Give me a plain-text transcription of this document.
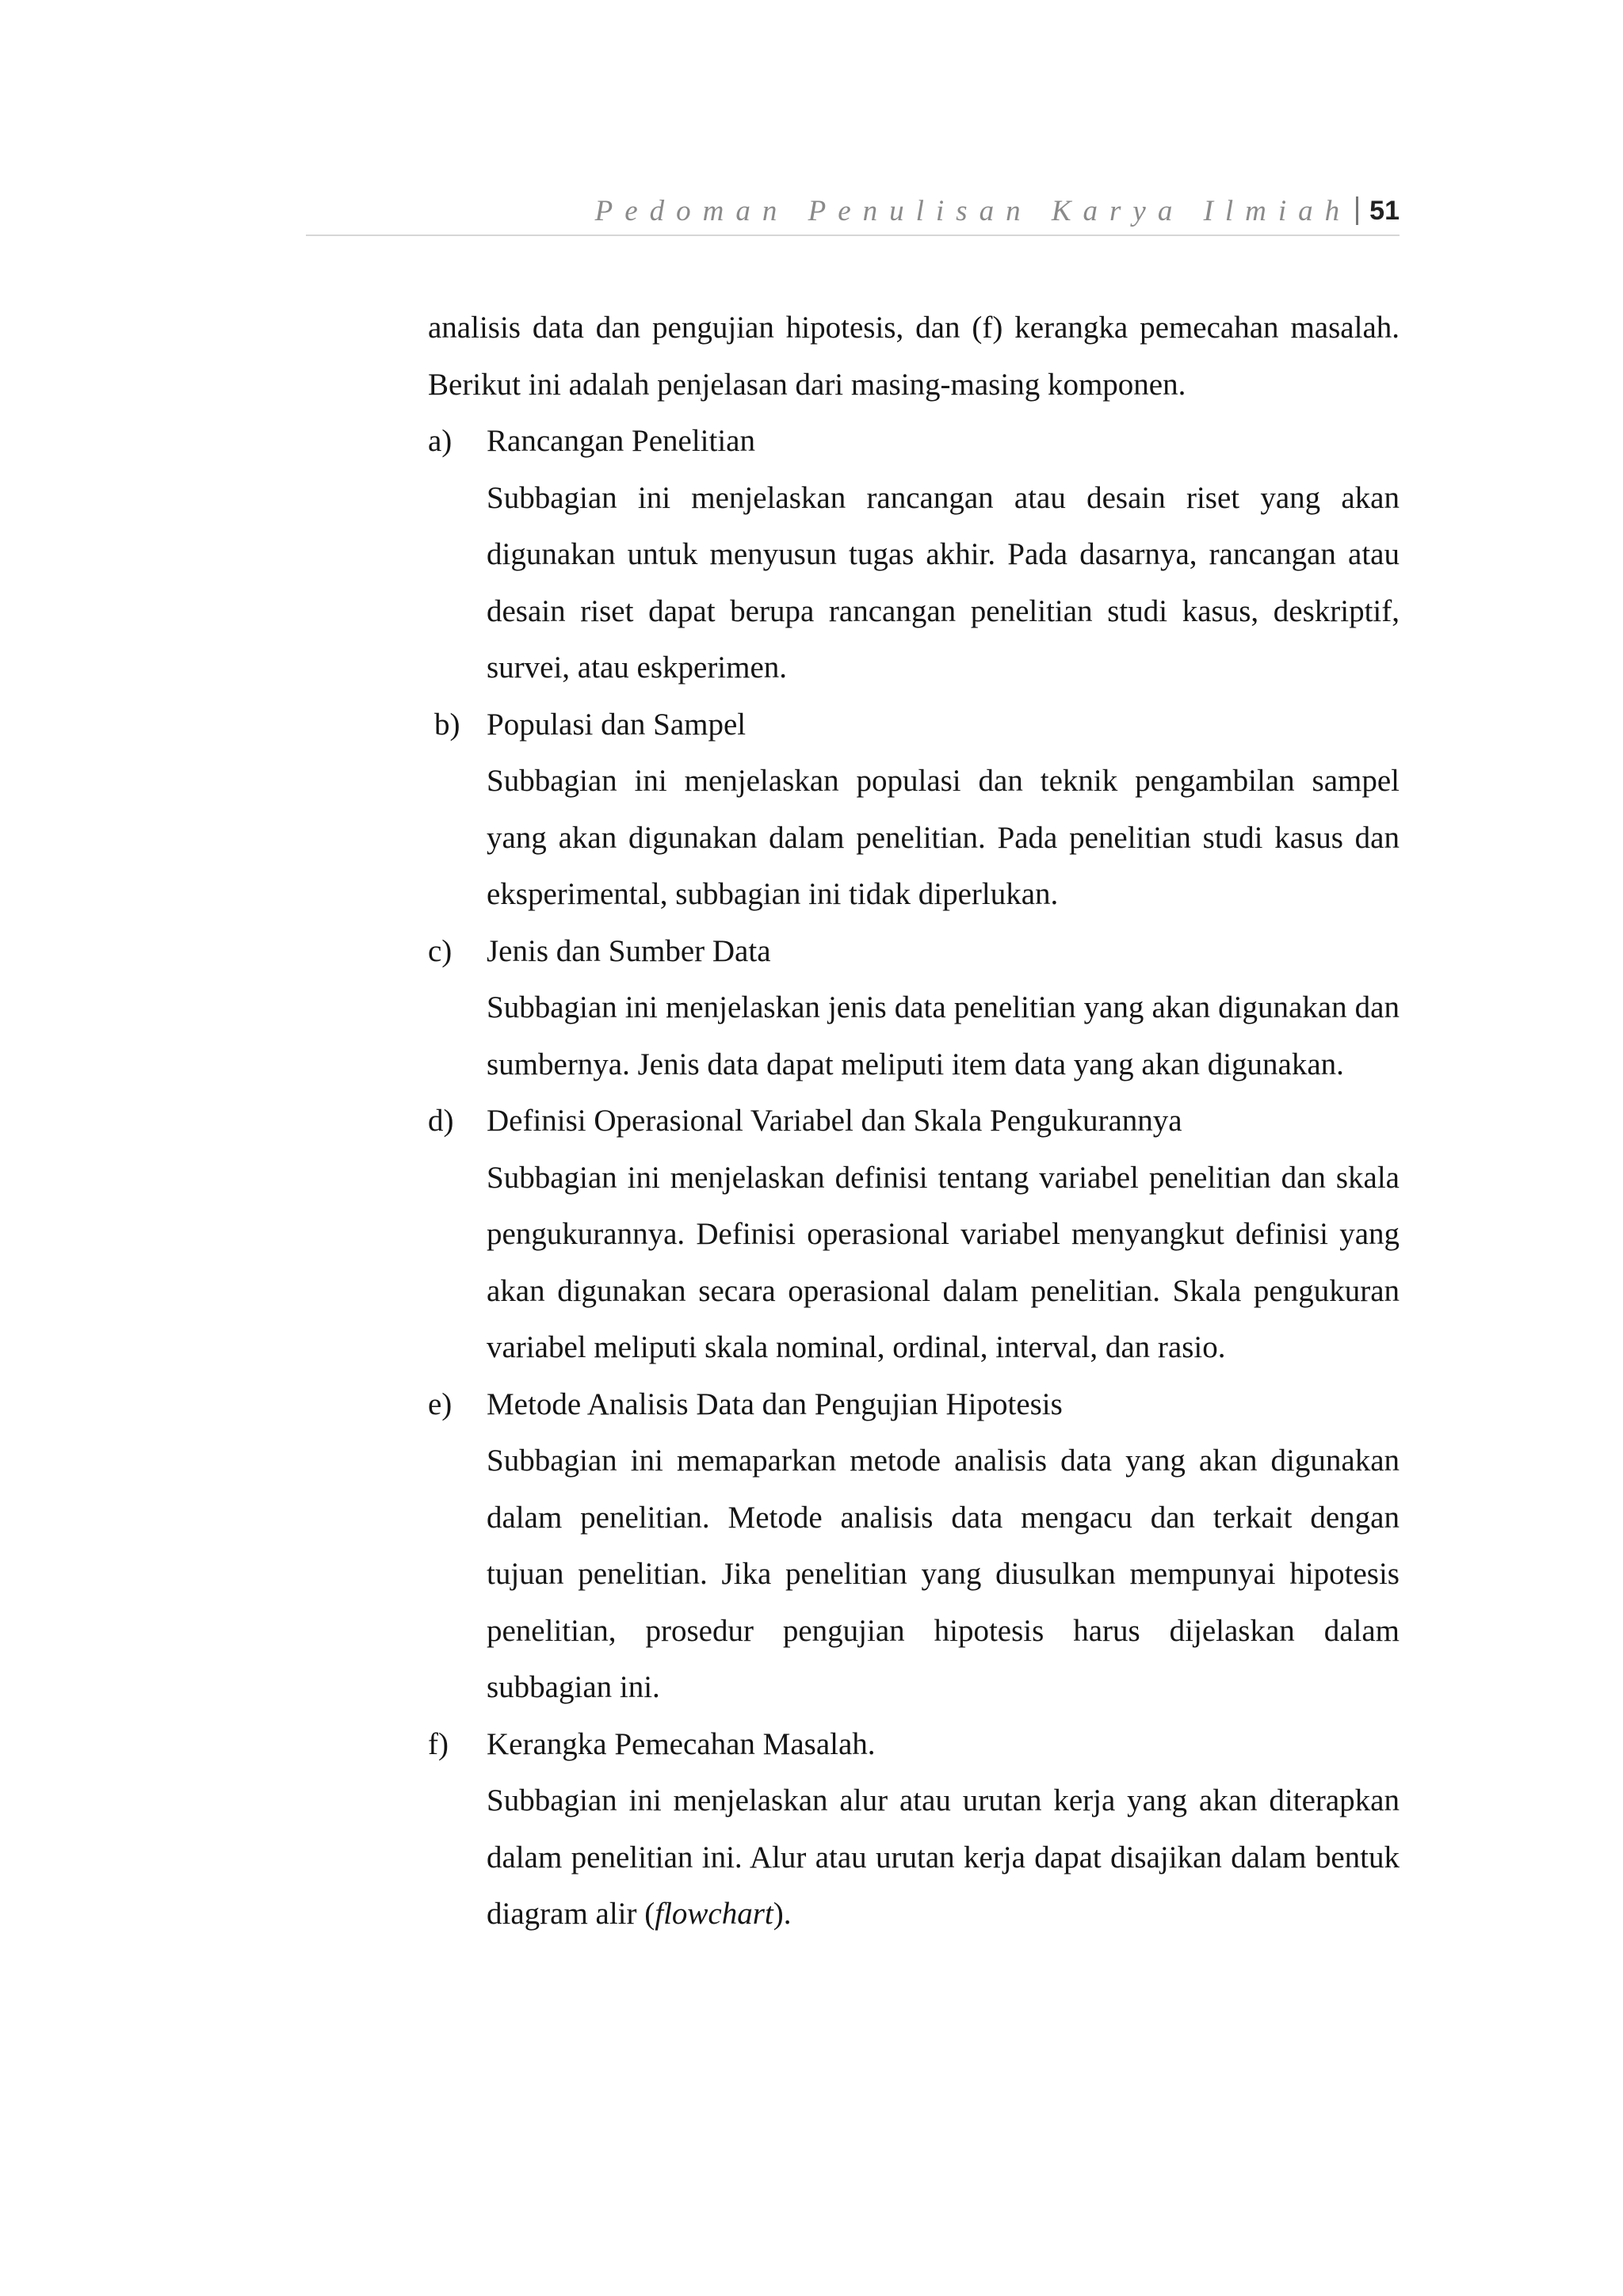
Pedoman Penulisan Karya Ilmiah 51

analisis data dan pengujian hipotesis, dan (f) kerangka pemecahan masalah. Berikut ini adalah penjelasan dari masing-masing komponen.

a) Rancangan Penelitian

Subbagian ini menjelaskan rancangan atau desain riset yang akan digunakan untuk menyusun tugas akhir. Pada dasarnya, rancangan atau desain riset dapat berupa rancangan penelitian studi kasus, deskriptif, survei, atau eskperimen.

b) Populasi dan Sampel

Subbagian ini menjelaskan populasi dan teknik pengambilan sampel yang akan digunakan dalam penelitian. Pada penelitian studi kasus dan eksperimental, subbagian ini tidak diperlukan.

c) Jenis dan Sumber Data

Subbagian ini menjelaskan jenis data penelitian yang akan digunakan dan sumbernya. Jenis data dapat meliputi item data yang akan digunakan.

d) Definisi Operasional Variabel dan Skala Pengukurannya

Subbagian ini menjelaskan definisi tentang variabel penelitian dan skala pengukurannya. Definisi operasional variabel menyangkut definisi yang akan digunakan secara operasional dalam penelitian. Skala pengukuran variabel meliputi skala nominal, ordinal, interval, dan rasio.

e) Metode Analisis Data dan Pengujian Hipotesis

Subbagian ini memaparkan metode analisis data yang akan digunakan dalam penelitian. Metode analisis data mengacu dan terkait dengan tujuan penelitian. Jika penelitian yang diusulkan mempunyai hipotesis penelitian, prosedur pengujian hipotesis harus dijelaskan dalam subbagian ini.

f) Kerangka Pemecahan Masalah.

Subbagian ini menjelaskan alur atau urutan kerja yang akan diterapkan dalam penelitian ini. Alur atau urutan kerja dapat disajikan dalam bentuk diagram alir (flowchart).
